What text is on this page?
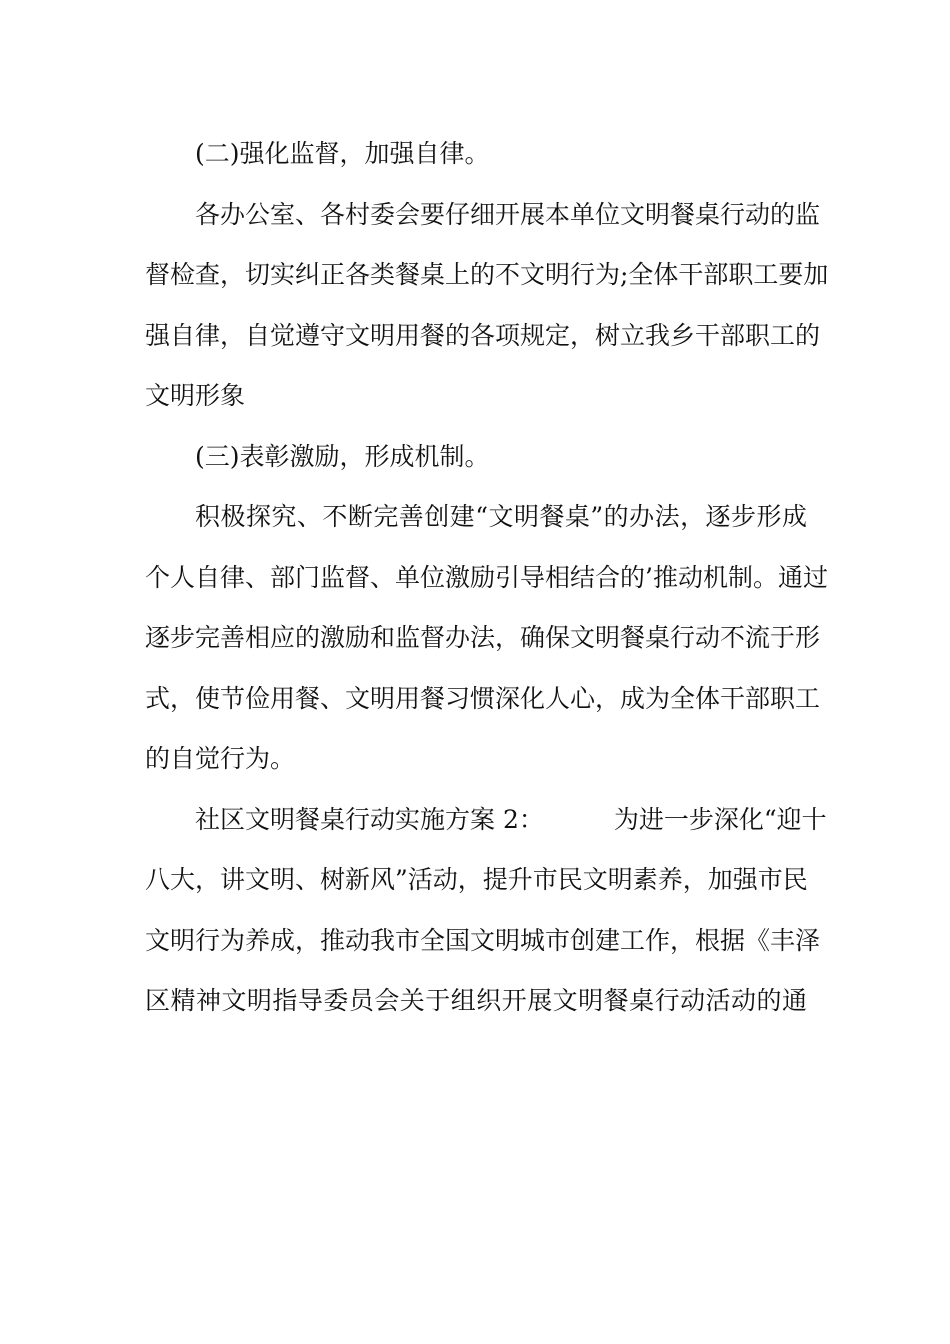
(二)强化监督，加强自律。

各办公室、各村委会要仔细开展本单位文明餐桌行动的监
督检查，切实纠正各类餐桌上的不文明行为;全体干部职工要加
强自律，自觉遵守文明用餐的各项规定，树立我乡干部职工的
文明形象

(三)表彰激励，形成机制。

积极探究、不断完善创建“文明餐桌”的办法，逐步形成
个人自律、部门监督、单位激励引导相结合的’推动机制。通过
逐步完善相应的激励和监督办法，确保文明餐桌行动不流于形
式，使节俭用餐、文明用餐习惯深化人心，成为全体干部职工
的自觉行为。

社区文明餐桌行动实施方案 2：	为进一步深化“迎十
八大，讲文明、树新风”活动，提升市民文明素养，加强市民
文明行为养成，推动我市全国文明城市创建工作，根据《丰泽
区精神文明指导委员会关于组织开展文明餐桌行动活动的通
